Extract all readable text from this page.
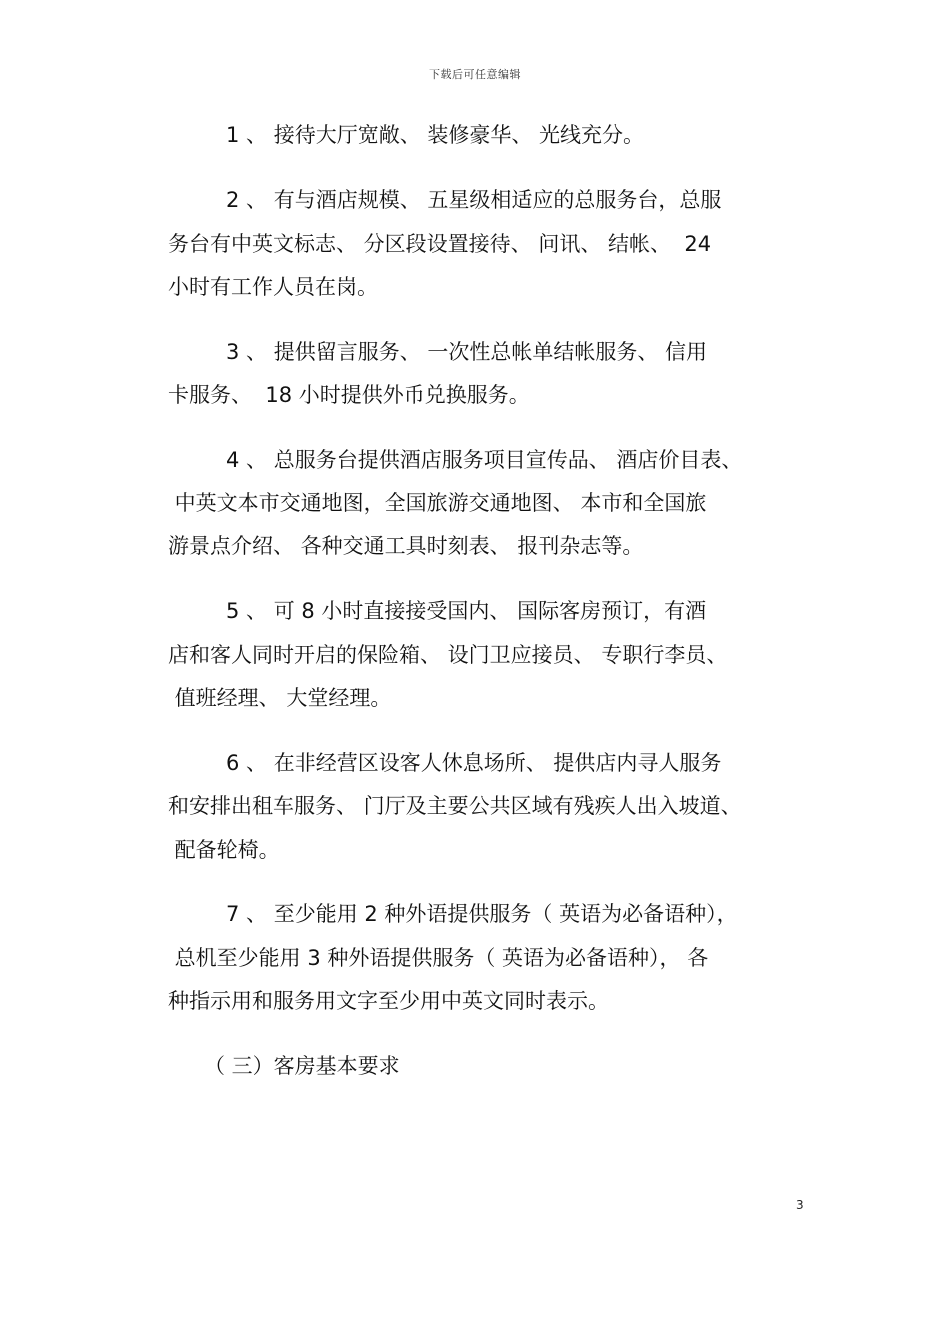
下载后可任意编辑
1 、 接待大厅宽敞、 装修豪华、 光线充分。
2 、 有与酒店规模、 五星级相适应的总服务台，总服
务台有中英文标志、 分区段设置接待、 问讯、 结帐、  24
小时有工作人员在岗。
3 、 提供留言服务、 一次性总帐单结帐服务、 信用
卡服务、  18 小时提供外币兑换服务。
4 、 总服务台提供酒店服务项目宣传品、 酒店价目表、
中英文本市交通地图，全国旅游交通地图、 本市和全国旅
游景点介绍、 各种交通工具时刻表、 报刊杂志等。
5 、 可 8 小时直接接受国内、 国际客房预订，有酒
店和客人同时开启的保险箱、 设门卫应接员、 专职行李员、
值班经理、 大堂经理。
6 、 在非经营区设客人休息场所、 提供店内寻人服务
和安排出租车服务、 门厅及主要公共区域有残疾人出入坡道、
配备轮椅。
7 、 至少能用 2 种外语提供服务（ 英语为必备语种），
总机至少能用 3 种外语提供服务（ 英语为必备语种）， 各
种指示用和服务用文字至少用中英文同时表示。
（ 三）客房基本要求
3
